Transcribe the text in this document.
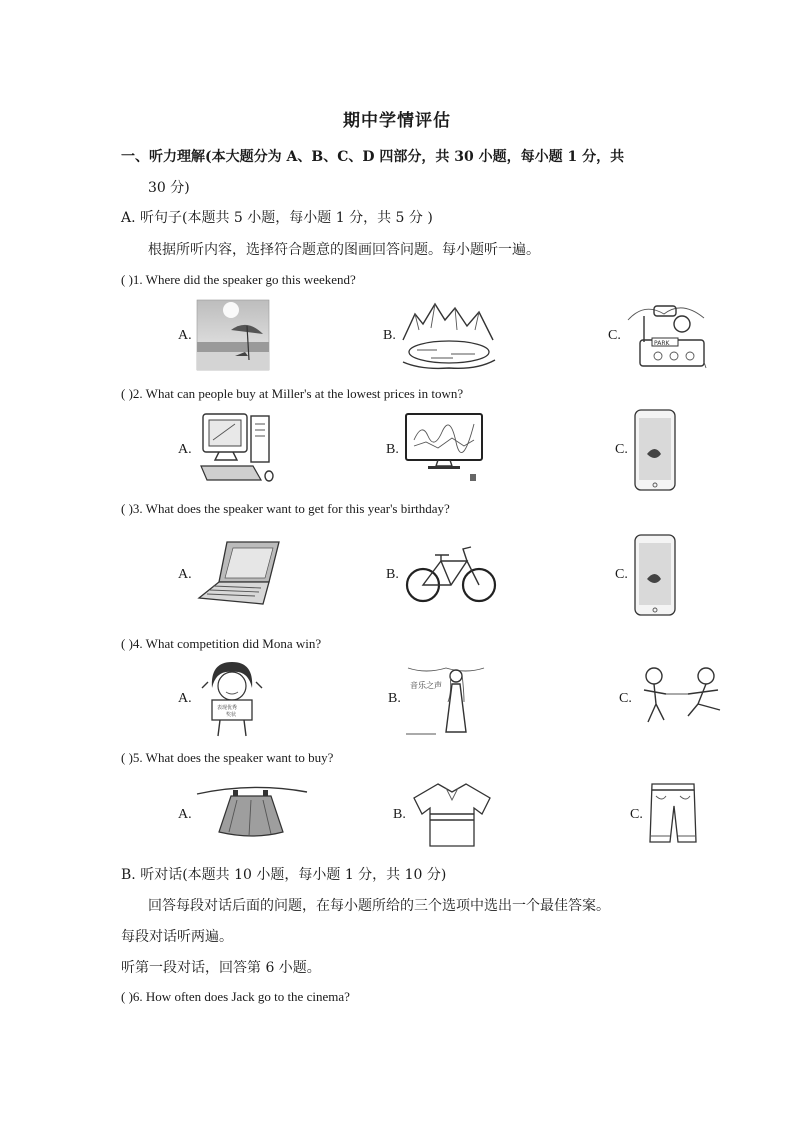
期中学情评估
一、听力理解(本大题分为 A、B、C、D 四部分，共 30 小题，每小题 1 分，共
30 分)
A. 听句子(本题共 5 小题，每小题 1 分，共 5 分 )
根据所听内容，选择符合题意的图画回答问题。每小题听一遍。
( )1. Where did the speaker go this weekend?
A.	B.	C.
PARK
( )2. What can people buy at Miller's at the lowest prices in town?
A.	B.	C.
( )3. What does the speaker want to get for this year's birthday?
A.	B.	C.
( )4. What competition did Mona win?
A.
表现优秀
奖状
B.
音乐之声
C.
( )5. What does the speaker want to buy?
A.	B.	C.
B. 听对话(本题共 10 小题，每小题 1 分，共 10 分)
回答每段对话后面的问题，在每小题所给的三个选项中选出一个最佳答案。
每段对话听两遍。
听第一段对话，回答第 6 小题。
( )6. How often does Jack go to the cinema?
